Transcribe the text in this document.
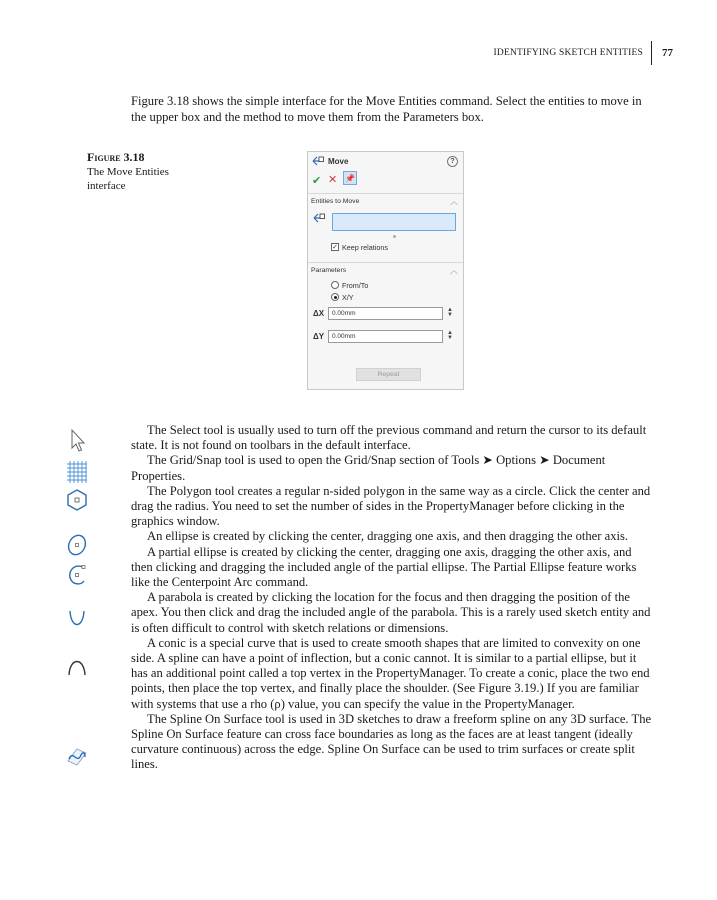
IDENTIFYING SKETCH ENTITIES	77
Figure 3.18 shows the simple interface for the Move Entities command. Select the entities to move in the upper box and the method to move them from the Parameters box.
Figure 3.18
The Move Entities interface
Move	?
✔ ✕ 📌
Entities to Move	︿
✓ Keep relations
Parameters	︿
From/To
X/Y
ΔX	0.00mm	▲
▼
ΔY	0.00mm	▲
▼
Repeat

The Select tool is usually used to turn off the previous command and return the cursor to its default state. It is not found on toolbars in the default interface.

The Grid/Snap tool is used to open the Grid/Snap section of Tools ➤ Options ➤ Document Properties.

The Polygon tool creates a regular n-sided polygon in the same way as a circle. Click the center and drag the radius. You need to set the number of sides in the PropertyManager before clicking in the graphics window.

An ellipse is created by clicking the center, dragging one axis, and then dragging the other axis.

A partial ellipse is created by clicking the center, dragging one axis, dragging the other axis, and then clicking and dragging the included angle of the partial ellipse. The Partial Ellipse feature works like the Centerpoint Arc command.

A parabola is created by clicking the location for the focus and then dragging the position of the apex. You then click and drag the included angle of the parabola. This is a rarely used sketch entity and is often difficult to control with sketch relations or dimensions.

A conic is a special curve that is used to create smooth shapes that are limited to convexity on one side. A spline can have a point of inflection, but a conic cannot. It is similar to a partial ellipse, but it has an additional point called a top vertex in the PropertyManager. To create a conic, place the two end points, then place the top vertex, and finally place the shoulder. (See Figure 3.19.) If you are familiar with systems that use a rho (ρ) value, you can specify the value in the PropertyManager.

The Spline On Surface tool is used in 3D sketches to draw a freeform spline on any 3D surface. The Spline On Surface feature can cross face boundaries as long as the faces are at least tangent (ideally curvature continuous) across the edge. Spline On Surface can be used to trim surfaces or create split lines.
